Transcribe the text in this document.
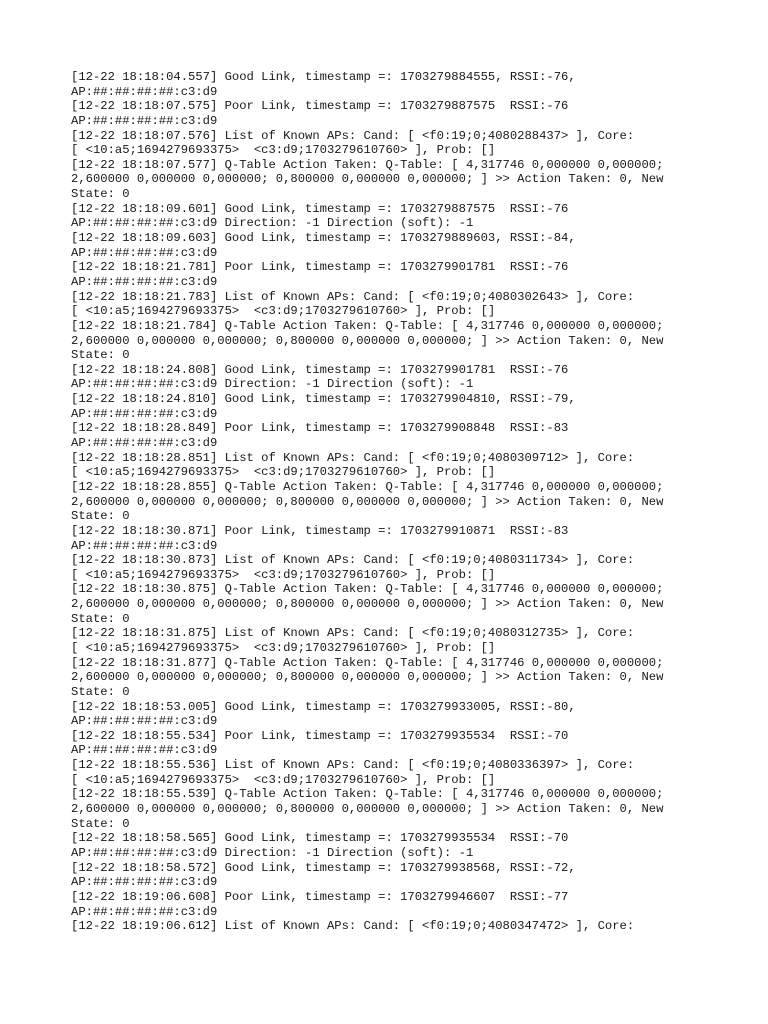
[12-22 18:18:04.557] Good Link, timestamp =: 1703279884555, RSSI:-76,
AP:##:##:##:##:c3:d9
[12-22 18:18:07.575] Poor Link, timestamp =: 1703279887575  RSSI:-76
AP:##:##:##:##:c3:d9
[12-22 18:18:07.576] List of Known APs: Cand: [ <f0:19;0;4080288437> ], Core:
[ <10:a5;1694279693375>  <c3:d9;1703279610760> ], Prob: []
[12-22 18:18:07.577] Q-Table Action Taken: Q-Table: [ 4,317746 0,000000 0,000000;
2,600000 0,000000 0,000000; 0,800000 0,000000 0,000000; ] >> Action Taken: 0, New
State: 0
[12-22 18:18:09.601] Good Link, timestamp =: 1703279887575  RSSI:-76
AP:##:##:##:##:c3:d9 Direction: -1 Direction (soft): -1
[12-22 18:18:09.603] Good Link, timestamp =: 1703279889603, RSSI:-84,
AP:##:##:##:##:c3:d9
[12-22 18:18:21.781] Poor Link, timestamp =: 1703279901781  RSSI:-76
AP:##:##:##:##:c3:d9
[12-22 18:18:21.783] List of Known APs: Cand: [ <f0:19;0;4080302643> ], Core:
[ <10:a5;1694279693375>  <c3:d9;1703279610760> ], Prob: []
[12-22 18:18:21.784] Q-Table Action Taken: Q-Table: [ 4,317746 0,000000 0,000000;
2,600000 0,000000 0,000000; 0,800000 0,000000 0,000000; ] >> Action Taken: 0, New
State: 0
[12-22 18:18:24.808] Good Link, timestamp =: 1703279901781  RSSI:-76
AP:##:##:##:##:c3:d9 Direction: -1 Direction (soft): -1
[12-22 18:18:24.810] Good Link, timestamp =: 1703279904810, RSSI:-79,
AP:##:##:##:##:c3:d9
[12-22 18:18:28.849] Poor Link, timestamp =: 1703279908848  RSSI:-83
AP:##:##:##:##:c3:d9
[12-22 18:18:28.851] List of Known APs: Cand: [ <f0:19;0;4080309712> ], Core:
[ <10:a5;1694279693375>  <c3:d9;1703279610760> ], Prob: []
[12-22 18:18:28.855] Q-Table Action Taken: Q-Table: [ 4,317746 0,000000 0,000000;
2,600000 0,000000 0,000000; 0,800000 0,000000 0,000000; ] >> Action Taken: 0, New
State: 0
[12-22 18:18:30.871] Poor Link, timestamp =: 1703279910871  RSSI:-83
AP:##:##:##:##:c3:d9
[12-22 18:18:30.873] List of Known APs: Cand: [ <f0:19;0;4080311734> ], Core:
[ <10:a5;1694279693375>  <c3:d9;1703279610760> ], Prob: []
[12-22 18:18:30.875] Q-Table Action Taken: Q-Table: [ 4,317746 0,000000 0,000000;
2,600000 0,000000 0,000000; 0,800000 0,000000 0,000000; ] >> Action Taken: 0, New
State: 0
[12-22 18:18:31.875] List of Known APs: Cand: [ <f0:19;0;4080312735> ], Core:
[ <10:a5;1694279693375>  <c3:d9;1703279610760> ], Prob: []
[12-22 18:18:31.877] Q-Table Action Taken: Q-Table: [ 4,317746 0,000000 0,000000;
2,600000 0,000000 0,000000; 0,800000 0,000000 0,000000; ] >> Action Taken: 0, New
State: 0
[12-22 18:18:53.005] Good Link, timestamp =: 1703279933005, RSSI:-80,
AP:##:##:##:##:c3:d9
[12-22 18:18:55.534] Poor Link, timestamp =: 1703279935534  RSSI:-70
AP:##:##:##:##:c3:d9
[12-22 18:18:55.536] List of Known APs: Cand: [ <f0:19;0;4080336397> ], Core:
[ <10:a5;1694279693375>  <c3:d9;1703279610760> ], Prob: []
[12-22 18:18:55.539] Q-Table Action Taken: Q-Table: [ 4,317746 0,000000 0,000000;
2,600000 0,000000 0,000000; 0,800000 0,000000 0,000000; ] >> Action Taken: 0, New
State: 0
[12-22 18:18:58.565] Good Link, timestamp =: 1703279935534  RSSI:-70
AP:##:##:##:##:c3:d9 Direction: -1 Direction (soft): -1
[12-22 18:18:58.572] Good Link, timestamp =: 1703279938568, RSSI:-72,
AP:##:##:##:##:c3:d9
[12-22 18:19:06.608] Poor Link, timestamp =: 1703279946607  RSSI:-77
AP:##:##:##:##:c3:d9
[12-22 18:19:06.612] List of Known APs: Cand: [ <f0:19;0;4080347472> ], Core:
